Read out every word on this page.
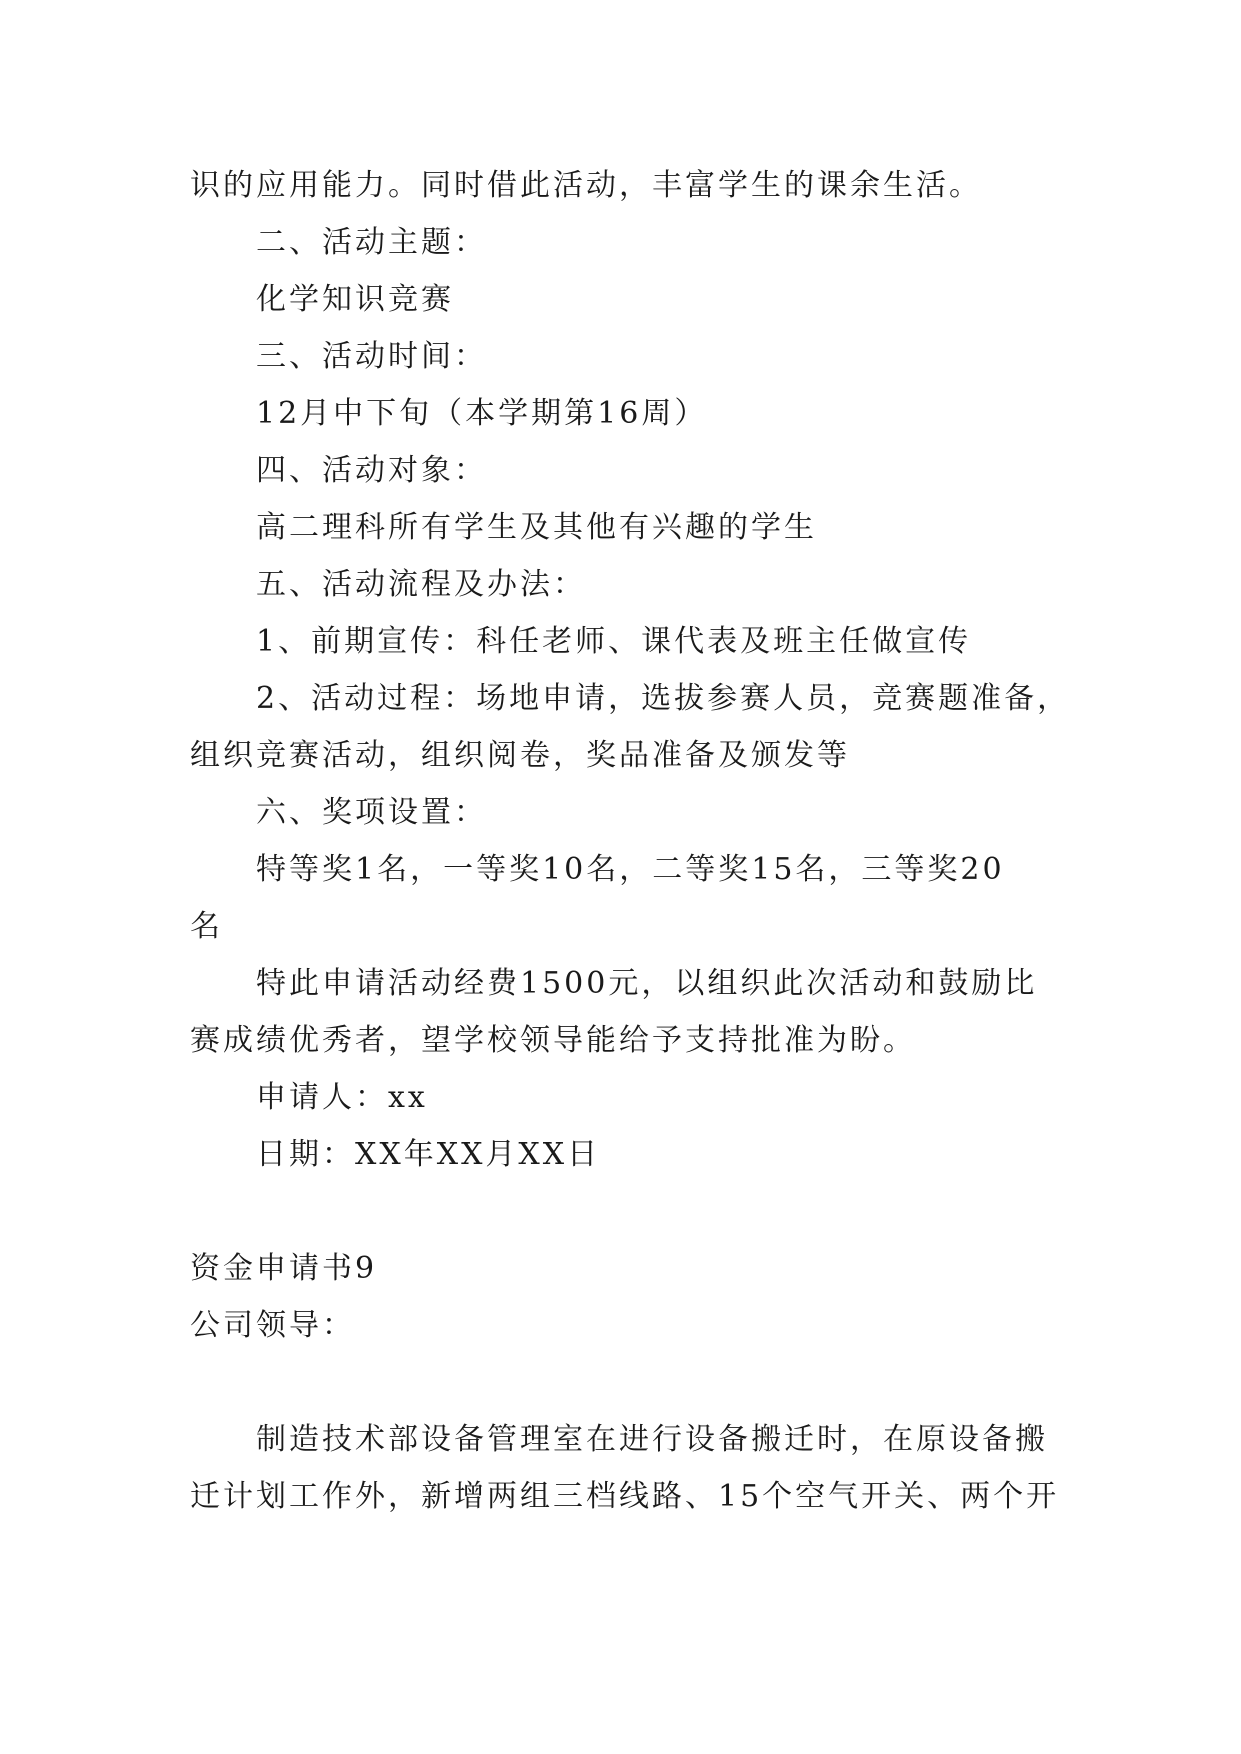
识的应用能力。同时借此活动，丰富学生的课余生活。

二、活动主题：

化学知识竞赛

三、活动时间：

12月中下旬（本学期第16周）

四、活动对象：

高二理科所有学生及其他有兴趣的学生

五、活动流程及办法：

1、前期宣传：科任老师、课代表及班主任做宣传

2、活动过程：场地申请，选拔参赛人员，竞赛题准备，

组织竞赛活动，组织阅卷，奖品准备及颁发等

六、奖项设置：

特等奖1名，一等奖10名，二等奖15名，三等奖20

名

特此申请活动经费1500元，以组织此次活动和鼓励比

赛成绩优秀者，望学校领导能给予支持批准为盼。

申请人：xx

日期：XX年XX月XX日

资金申请书9

公司领导：

制造技术部设备管理室在进行设备搬迁时，在原设备搬

迁计划工作外，新增两组三档线路、15个空气开关、两个开
